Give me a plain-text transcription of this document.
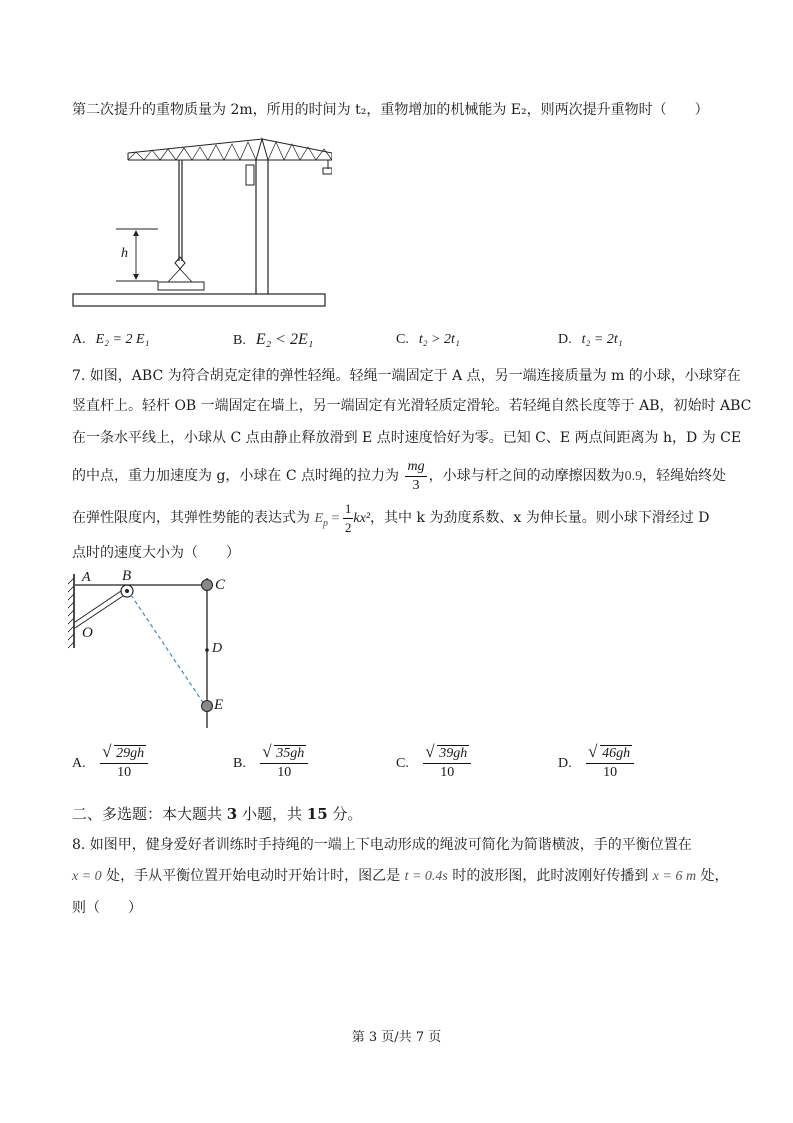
第二次提升的重物质量为 2m，所用的时间为 t₂，重物增加的机械能为 E₂，则两次提升重物时（　　）
h
A. E₂ = 2 E₁	B. E₂ < 2E₁	C. t₂ > 2t₁	D. t₂ = 2t₁
7. 如图，ABC 为符合胡克定律的弹性轻绳。轻绳一端固定于 A 点，另一端连接质量为 m 的小球，小球穿在
竖直杆上。轻杆 OB 一端固定在墙上，另一端固定有光滑轻质定滑轮。若轻绳自然长度等于 AB，初始时 ABC
在一条水平线上，小球从 C 点由静止释放滑到 E 点时速度恰好为零。已知 C、E 两点间距离为 h，D 为 CE
的中点，重力加速度为 g，小球在 C 点时绳的拉力为 $\frac{mg}{3}$ ，小球与杆之间的动摩擦因数为0.9，轻绳始终处
在弹性限度内，其弹性势能的表达式为 $E_p = \frac{1}{2} kx^2$，其中 k 为劲度系数、x 为伸长量。则小球下滑经过 D
点时的速度大小为（　　）
A B
C
O
D
E
A. $\frac{√ 29gh}{10}$	B. $\frac{√ 35gh}{10}$	C. $\frac{√ 39gh}{10}$	D. $\frac{√ 46gh}{10}$
二、多选题：本大题共 3 小题，共 15 分。
8. 如图甲，健身爱好者训练时手持绳的一端上下电动形成的绳波可简化为简谐横波，手的平衡位置在
x = 0 处，手从平衡位置开始电动时开始计时，图乙是 t = 0.4s 时的波形图，此时波刚好传播到 x = 6 m 处，
则（　　）
第 3 页/共 7 页
